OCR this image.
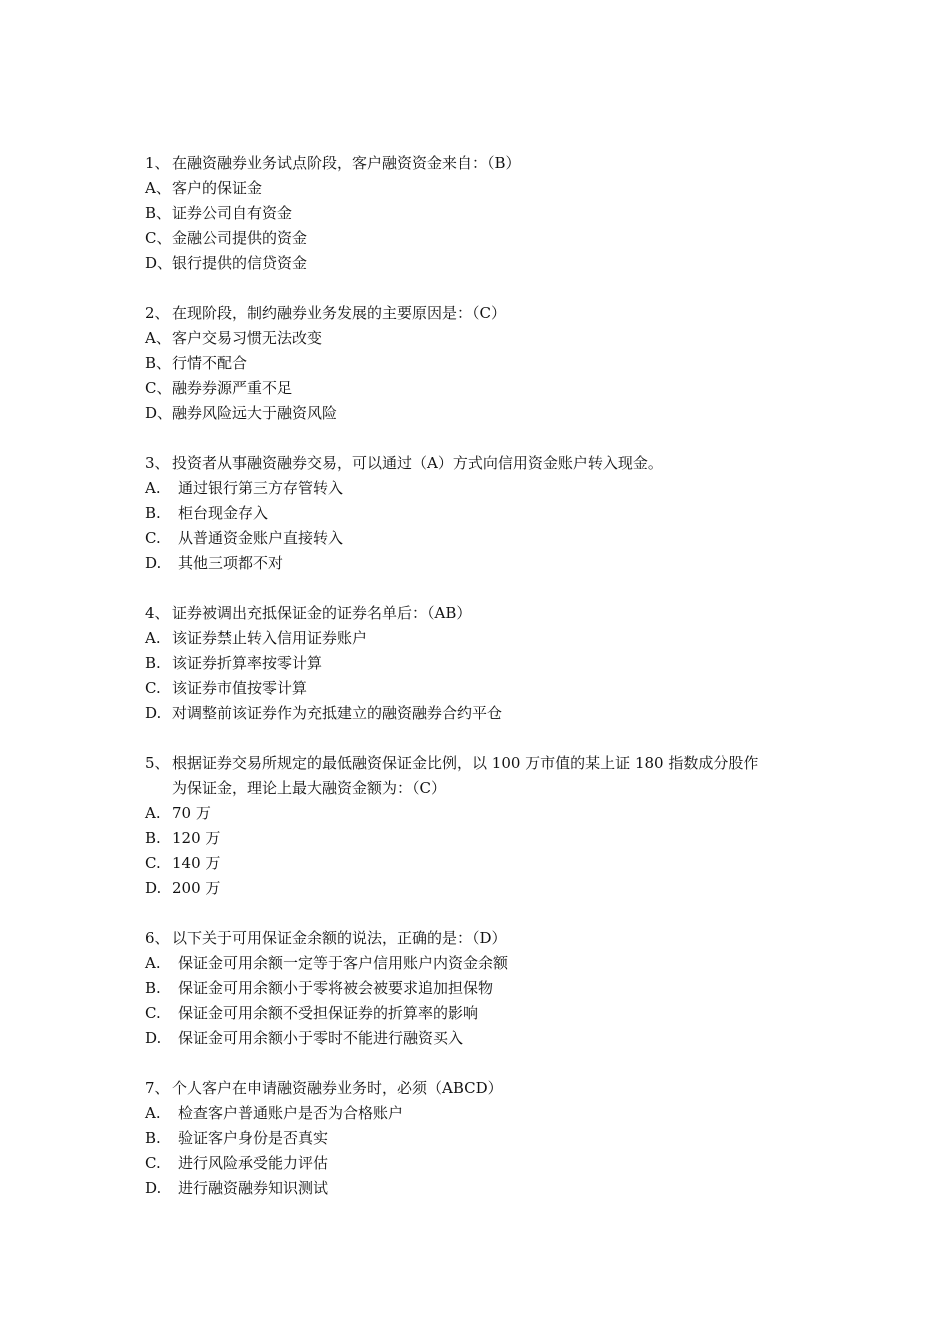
1、 在融资融券业务试点阶段，客户融资资金来自：（B）
A、客户的保证金
B、证券公司自有资金
C、金融公司提供的资金
D、银行提供的信贷资金
2、 在现阶段，制约融券业务发展的主要原因是：（C）
A、客户交易习惯无法改变
B、行情不配合
C、融券券源严重不足
D、融券风险远大于融资风险
3、 投资者从事融资融券交易，可以通过（A）方式向信用资金账户转入现金。
A. 通过银行第三方存管转入
B. 柜台现金存入
C. 从普通资金账户直接转入
D. 其他三项都不对
4、 证券被调出充抵保证金的证券名单后：（AB）
A. 该证券禁止转入信用证券账户
B. 该证券折算率按零计算
C. 该证券市值按零计算
D. 对调整前该证券作为充抵建立的融资融券合约平仓
5、 根据证券交易所规定的最低融资保证金比例，以 100 万市值的某上证 180 指数成分股作
为保证金，理论上最大融资金额为：（C）
A. 70 万
B. 120 万
C. 140 万
D. 200 万
6、 以下关于可用保证金余额的说法，正确的是：（D）
A. 保证金可用余额一定等于客户信用账户内资金余额
B. 保证金可用余额小于零将被会被要求追加担保物
C. 保证金可用余额不受担保证券的折算率的影响
D. 保证金可用余额小于零时不能进行融资买入
7、 个人客户在申请融资融券业务时，必须（ABCD）
A. 检查客户普通账户是否为合格账户
B. 验证客户身份是否真实
C. 进行风险承受能力评估
D. 进行融资融券知识测试
